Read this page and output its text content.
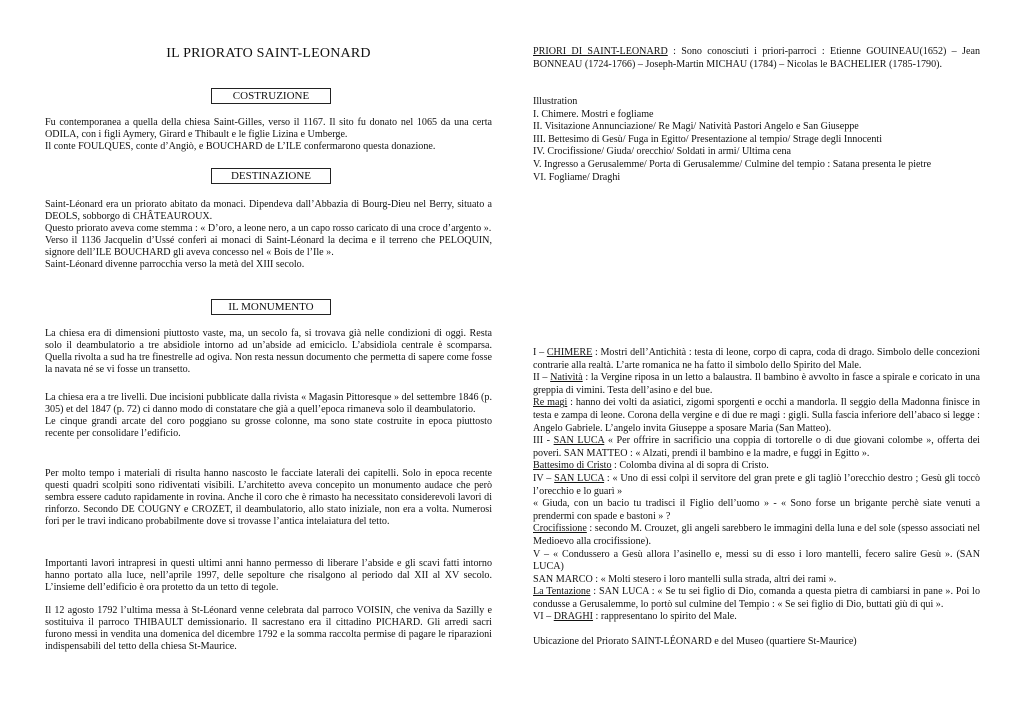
IL PRIORATO SAINT-LEONARD
COSTRUZIONE
Fu contemporanea a quella della chiesa Saint-Gilles, verso il 1167. Il sito fu donato nel 1065 da una certa ODILA, con i figli Aymery, Girard e Thibault e le figlie Lizina e Umberge.
Il conte FOULQUES, conte d’Angiò, e BOUCHARD de L’ILE confermarono questa donazione.
DESTINAZIONE
Saint-Léonard era un priorato abitato da monaci. Dipendeva dall’Abbazia di Bourg-Dieu nel Berry, situato a DEOLS, sobborgo di CHÂTEAUROUX.
Questo priorato aveva come stemma : « D’oro, a leone nero, a un capo rosso caricato di una croce d’argento ».
Verso il 1136 Jacquelin d’Ussé conferì ai monaci di Saint-Léonard la decima e il terreno che PELOQUIN, signore dell’ILE BOUCHARD gli aveva concesso nel « Bois de l’Ile ».
Saint-Léonard divenne parrocchia verso la metà del XIII secolo.
IL MONUMENTO
La chiesa era di dimensioni piuttosto vaste, ma, un secolo fa, si trovava già nelle condizioni di oggi. Resta solo il deambulatorio a tre absidiole intorno ad un’abside ad emiciclo. L’absidiola centrale è scomparsa. Quella rivolta a sud ha tre finestrelle ad ogiva. Non resta nessun documento che permetta di sapere come fosse la navata né se vi fosse un transetto.
La chiesa era a tre livelli. Due incisioni pubblicate dalla rivista « Magasin Pittoresque » del settembre 1846 (p. 305) et del 1847 (p. 72) ci danno modo di constatare che già a quell’epoca rimaneva solo il deambulatorio.
Le cinque grandi arcate del coro poggiano su grosse colonne, ma sono state costruite in epoca piuttosto recente per consolidare l’edificio.
Per molto tempo i materiali di risulta hanno nascosto le facciate laterali dei capitelli. Solo in epoca recente questi quadri scolpiti sono ridiventati visibili. L’architetto aveva concepito un monumento audace che però sembra essere caduto rapidamente in rovina. Anche il coro che è rimasto ha necessitato considerevoli lavori di rinforzo. Secondo DE COUGNY e CROZET, il deambulatorio, allo stato iniziale, non era a volta. Numerosi fori per le travi indicano probabilmente dove si trovasse l’antica intelaiatura del tetto.
Importanti lavori intrapresi in questi ultimi anni hanno permesso di liberare l’abside e gli scavi fatti intorno hanno portato alla luce, nell’aprile 1997, delle sepolture che risalgono al periodo dal XII al XV secolo. L’insieme dell’edificio è ora protetto da un tetto di tegole.
Il 12 agosto 1792 l’ultima messa à St-Léonard venne celebrata dal parroco VOISIN, che veniva da Sazilly e sostituiva il parroco THIBAULT demissionario. Il sacrestano era il cittadino PICHARD. Gli arredi sacri furono messi in vendita una domenica del dicembre 1792 e la somma raccolta permise di pagare le riparazioni indispensabili del tetto della chiesa St-Maurice.
PRIORI DI SAINT-LEONARD : Sono conosciuti i priori-parroci : Etienne GOUINEAU(1652) – Jean BONNEAU (1724-1766) – Joseph-Martin MICHAU (1784) – Nicolas le BACHELIER (1785-1790).
Illustration
I. Chimere. Mostri e fogliame
II. Visitazione Annunciazione/ Re Magi/ Natività Pastori Angelo e San Giuseppe
III. Bettesimo di Gesù/ Fuga in Egitto/ Presentazione al tempio/ Strage degli Innocenti
IV. Crocifissione/ Giuda/ orecchio/ Soldati in armi/ Ultima cena
V. Ingresso a Gerusalemme/ Porta di Gerusalemme/ Culmine del tempio : Satana presenta le pietre
VI. Fogliame/ Draghi
I – CHIMERE : Mostri dell’Antichità : testa di leone, corpo di capra, coda di drago. Simbolo delle concezioni contrarie alla realtà. L’arte romanica ne ha fatto il simbolo dello Spirito del Male.
II – Natività : la Vergine riposa in un letto a balaustra. Il bambino è avvolto in fasce a spirale e coricato in una greppia di vimini. Testa dell’asino e del bue.
Re magi : hanno dei volti da asiatici, zigomi sporgenti e occhi a mandorla. Il seggio della Madonna finisce in testa e zampa di leone. Corona della vergine e di due re magi : gigli. Sulla fascia inferiore dell’abaco si legge : Angelo Gabriele. L’angelo invita Giuseppe a sposare Maria (San Matteo).
III - SAN LUCA « Per offrire in sacrificio una coppia di tortorelle o di due giovani colombe », offerta dei poveri. SAN MATTEO : « Alzati, prendi il bambino e la madre, e fuggi in Egitto ».
Battesimo di Cristo : Colomba divina al di sopra di Cristo.
IV – SAN LUCA : « Uno di essi colpì il servitore del gran prete e gli tagliò l’orecchio destro ; Gesù gli toccò l’orecchio e lo guarì »
« Giuda, con un bacio tu tradisci il Figlio dell’uomo » - « Sono forse un brigante perchè siate venuti a prendermi con spade e bastoni » ?
Crocifissione : secondo M. Crouzet, gli angeli sarebbero le immagini della luna e del sole (spesso associati nel Medioevo alla crocifissione).
V – « Condussero a Gesù allora l’asinello e, messi su di esso i loro mantelli, fecero salire Gesù ». (SAN LUCA)
SAN MARCO : « Molti stesero i loro mantelli sulla strada, altri dei rami ».
La Tentazione : SAN LUCA : « Se tu sei figlio di Dio, comanda a questa pietra di cambiarsi in pane ». Poi lo condusse a Gerusalemme, lo portò sul culmine del Tempio : « Se sei figlio di Dio, buttati giù di qui ».
VI – DRAGHI : rappresentano lo spirito del Male.
Ubicazione del Priorato SAINT-LÉONARD e del Museo (quartiere St-Maurice)
